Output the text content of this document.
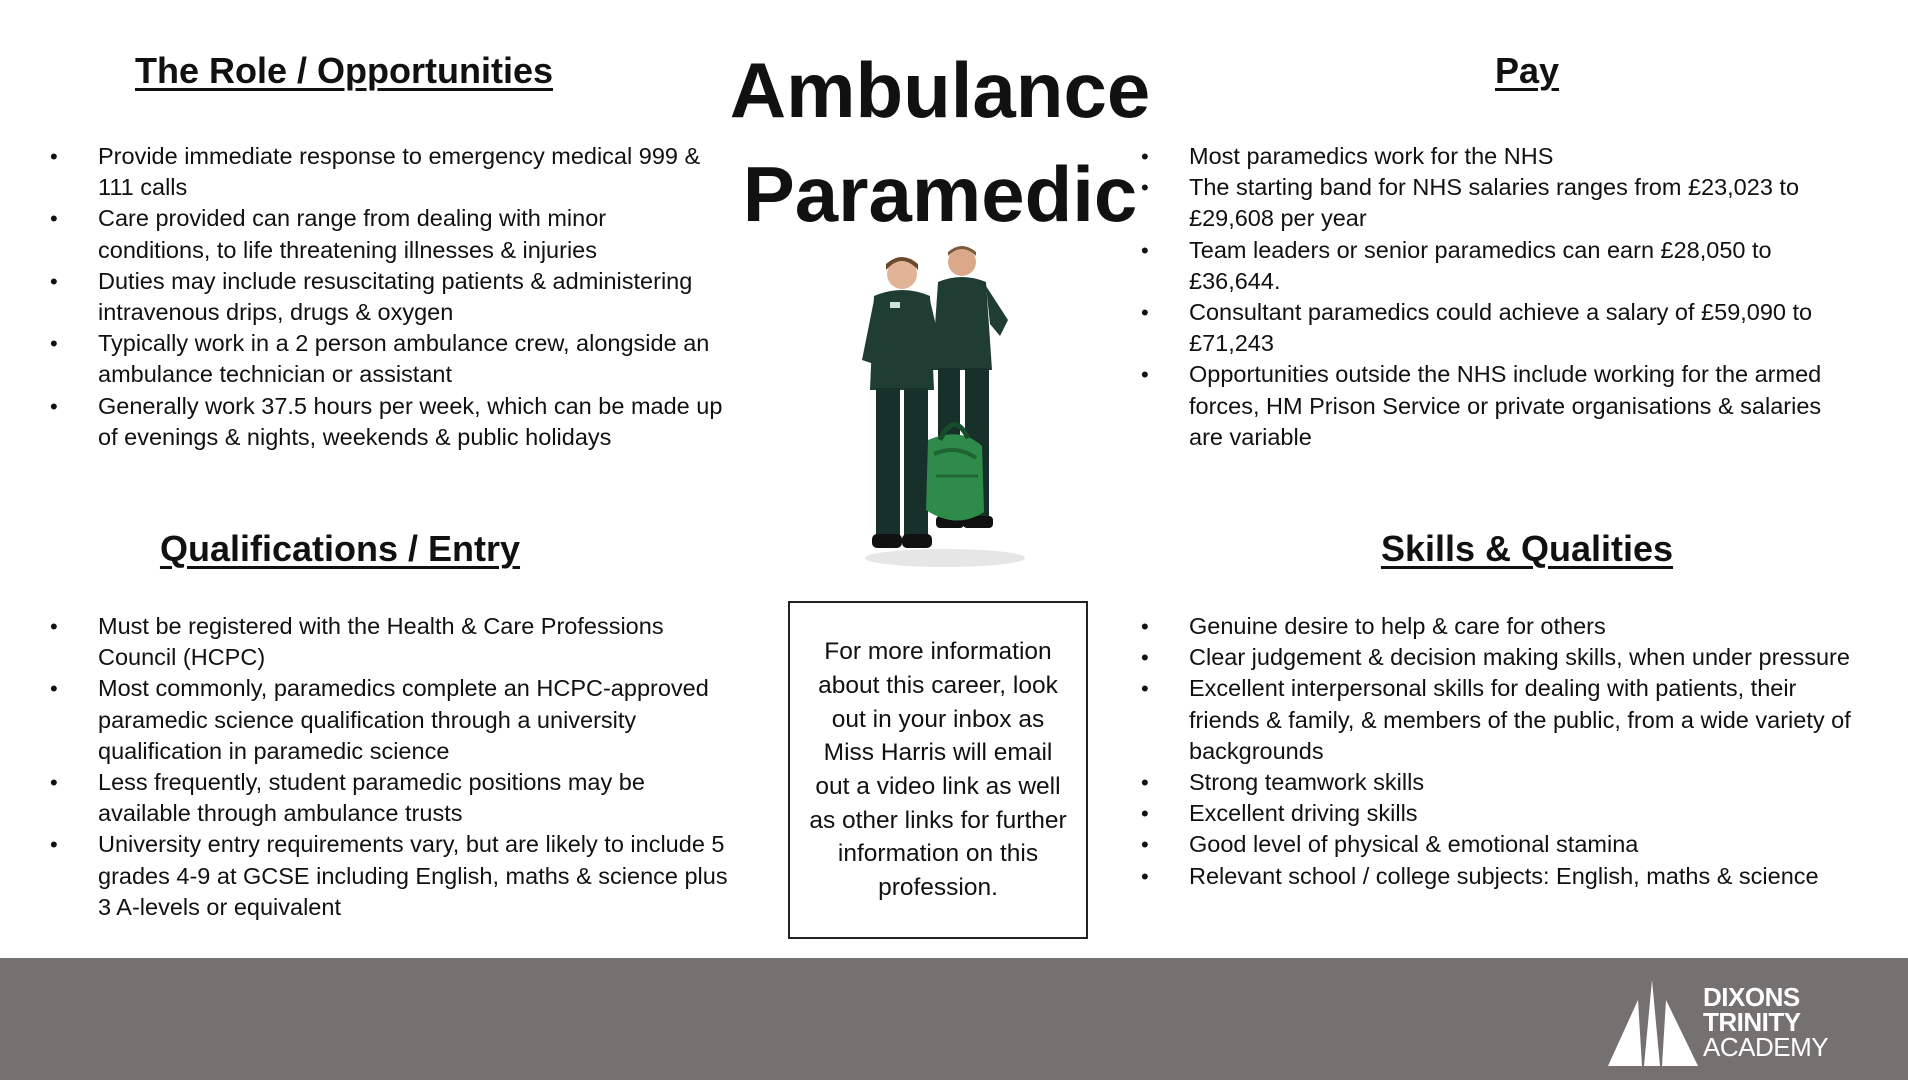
Ambulance
Paramedic
The Role / Opportunities
• Provide immediate response to emergency medical 999 & 111 calls
• Care provided can range from dealing with minor conditions, to life threatening illnesses & injuries
• Duties may include resuscitating patients & administering intravenous drips, drugs & oxygen
• Typically work in a 2 person ambulance crew, alongside an ambulance technician or assistant
• Generally work 37.5 hours per week, which can be made up of evenings & nights, weekends & public holidays
Pay
• Most paramedics work for the NHS
• The starting band for NHS salaries ranges from £23,023 to £29,608 per year
• Team leaders or senior paramedics can earn £28,050 to £36,644.
• Consultant paramedics could achieve a salary of £59,090 to £71,243
• Opportunities outside the NHS include working for the armed forces, HM Prison Service or private organisations & salaries are variable
Qualifications / Entry
• Must be registered with the Health & Care Professions Council (HCPC)
• Most commonly, paramedics complete an HCPC-approved paramedic science qualification through a university qualification in paramedic science
• Less frequently, student paramedic positions may be available through ambulance trusts
• University entry requirements vary, but are likely to include 5 grades 4-9 at GCSE including English, maths & science plus 3 A-levels or equivalent
Skills & Qualities
• Genuine desire to help & care for others
• Clear judgement & decision making skills, when under pressure
• Excellent interpersonal skills for dealing with patients, their friends & family, & members of the public, from a wide variety of backgrounds
• Strong teamwork skills
• Excellent driving skills
• Good level of physical & emotional stamina
• Relevant school / college subjects: English, maths & science
For more information about this career, look out in your inbox as Miss Harris will email out a video link as well as other links for further information on this profession.
DIXONS
TRINITY
ACADEMY
